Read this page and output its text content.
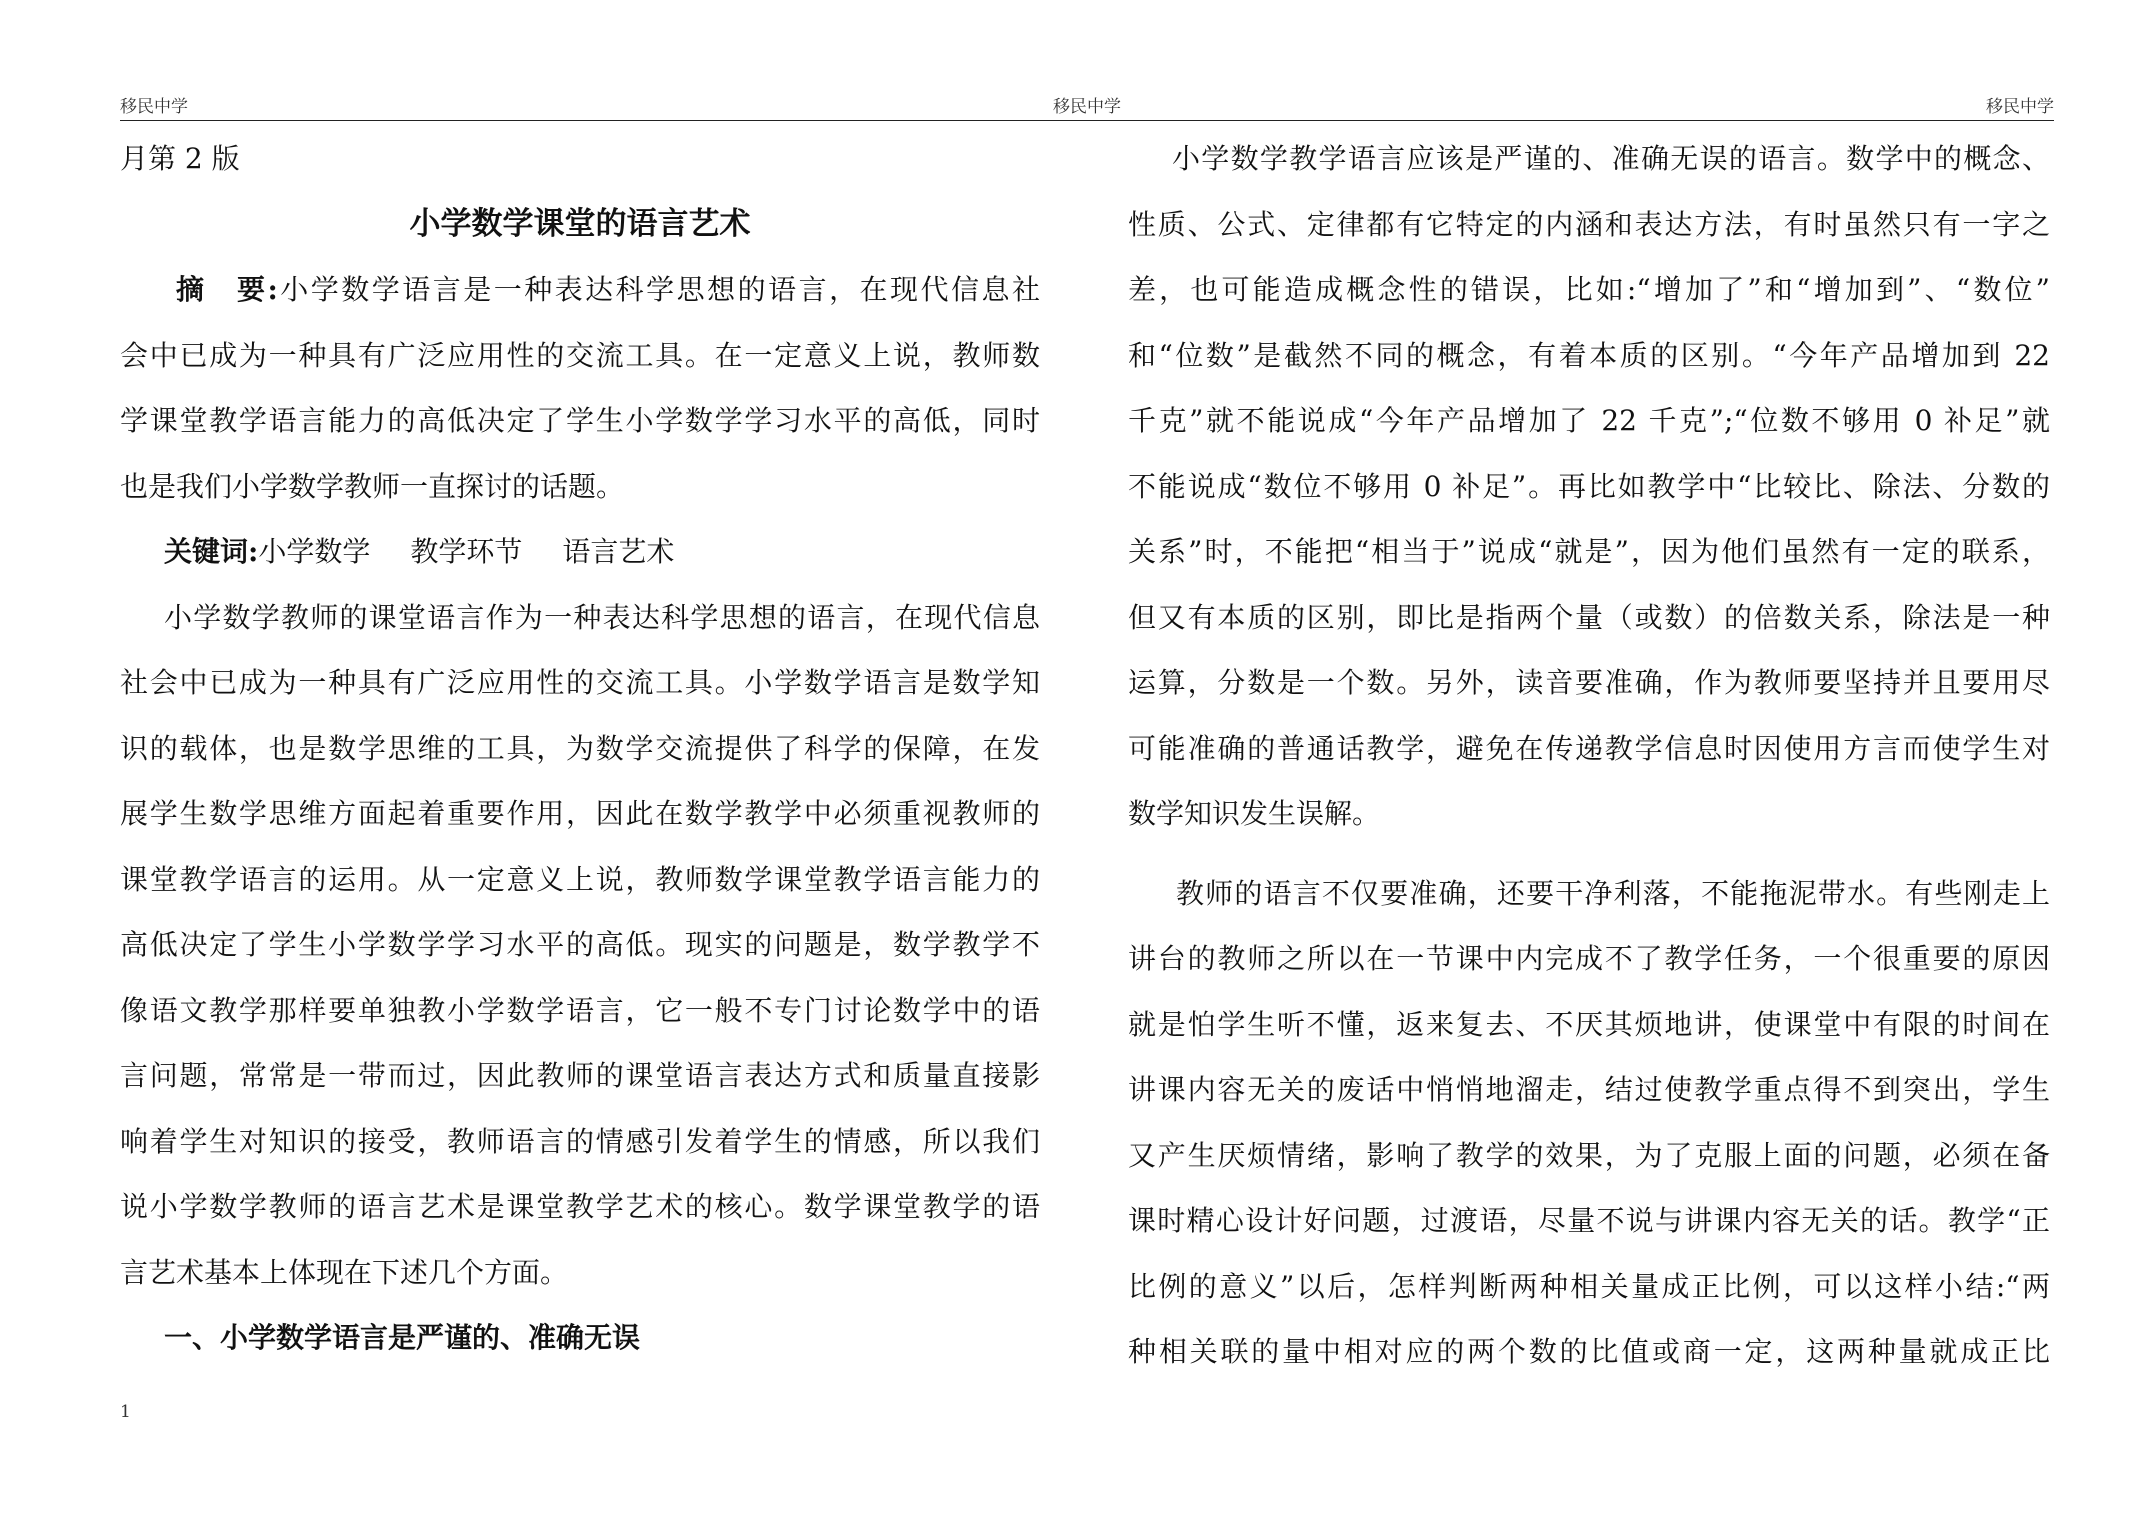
移民中学	移民中学	移民中学
月第 2 版
小学数学课堂的语言艺术
摘　要:小学数学语言是一种表达科学思想的语言，在现代信息社
会中已成为一种具有广泛应用性的交流工具。在一定意义上说，教师数
学课堂教学语言能力的高低决定了学生小学数学学习水平的高低，同时
也是我们小学数学教师一直探讨的话题。
关键词:小学数学 教学环节 语言艺术
小学数学教师的课堂语言作为一种表达科学思想的语言，在现代信息
社会中已成为一种具有广泛应用性的交流工具。小学数学语言是数学知
识的载体，也是数学思维的工具，为数学交流提供了科学的保障，在发
展学生数学思维方面起着重要作用，因此在数学教学中必须重视教师的
课堂教学语言的运用。从一定意义上说，教师数学课堂教学语言能力的
高低决定了学生小学数学学习水平的高低。现实的问题是，数学教学不
像语文教学那样要单独教小学数学语言，它一般不专门讨论数学中的语
言问题，常常是一带而过，因此教师的课堂语言表达方式和质量直接影
响着学生对知识的接受，教师语言的情感引发着学生的情感，所以我们
说小学数学教师的语言艺术是课堂教学艺术的核心。数学课堂教学的语
言艺术基本上体现在下述几个方面。
一、小学数学语言是严谨的、准确无误
小学数学教学语言应该是严谨的、准确无误的语言。数学中的概念、
性质、公式、定律都有它特定的内涵和表达方法，有时虽然只有一字之
差，也可能造成概念性的错误，比如:“增加了”和“增加到”、“数位”
和“位数”是截然不同的概念，有着本质的区别。“今年产品增加到 22
千克”就不能说成“今年产品增加了 22 千克”;“位数不够用 0 补足”就
不能说成“数位不够用 0 补足”。再比如教学中“比较比、除法、分数的
关系”时，不能把“相当于”说成“就是”，因为他们虽然有一定的联系，
但又有本质的区别，即比是指两个量（或数）的倍数关系，除法是一种
运算，分数是一个数。另外，读音要准确，作为教师要坚持并且要用尽
可能准确的普通话教学，避免在传递教学信息时因使用方言而使学生对
数学知识发生误解。
教师的语言不仅要准确，还要干净利落，不能拖泥带水。有些刚走上
讲台的教师之所以在一节课中内完成不了教学任务，一个很重要的原因
就是怕学生听不懂，返来复去、不厌其烦地讲，使课堂中有限的时间在
讲课内容无关的废话中悄悄地溜走，结过使教学重点得不到突出，学生
又产生厌烦情绪，影响了教学的效果，为了克服上面的问题，必须在备
课时精心设计好问题，过渡语，尽量不说与讲课内容无关的话。教学“正
比例的意义”以后，怎样判断两种相关量成正比例，可以这样小结:“两
种相关联的量中相对应的两个数的比值或商一定，这两种量就成正比
1
